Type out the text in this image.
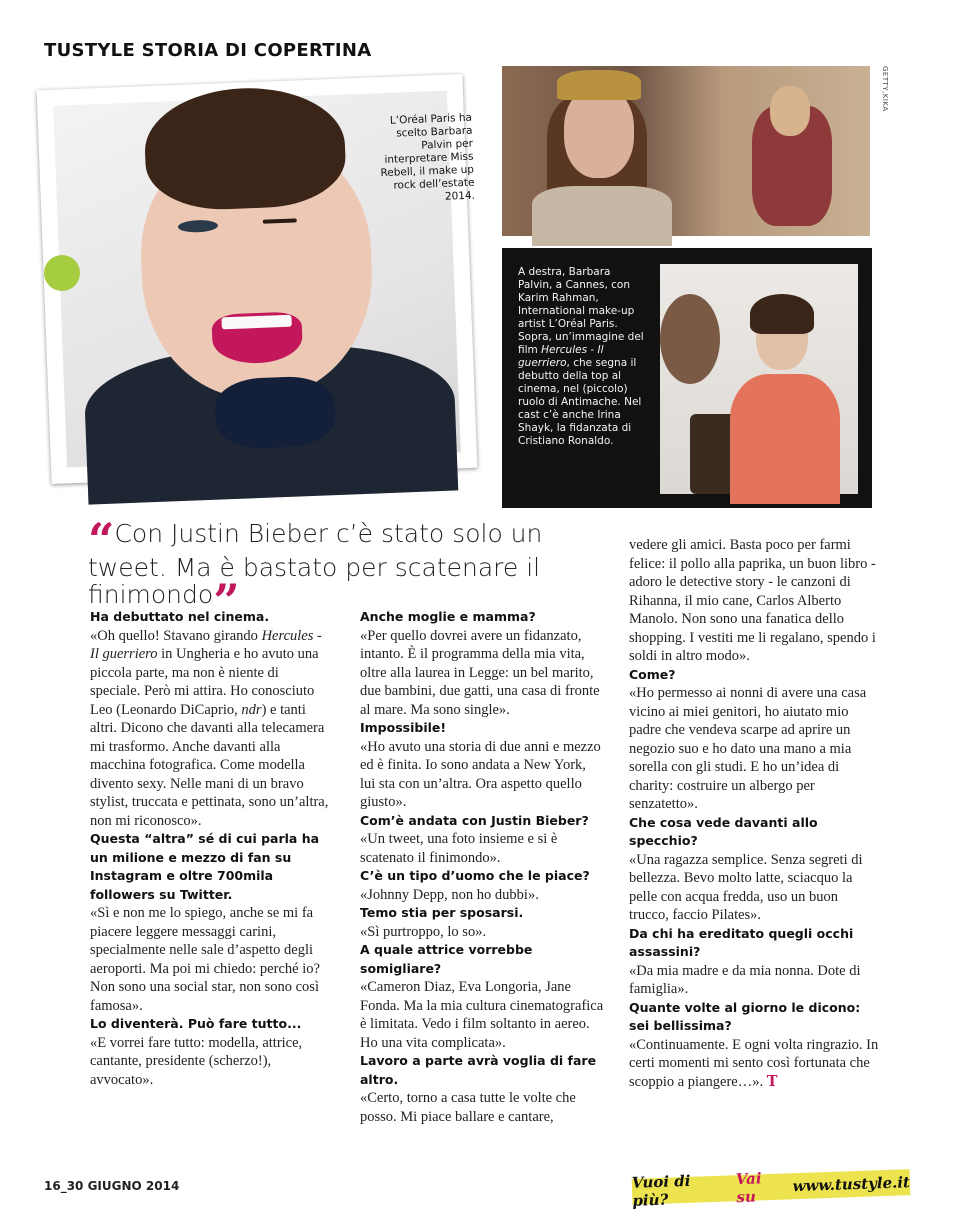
TUSTYLE STORIA DI COPERTINA
L’Oréal Paris ha scelto Barbara Palvin per interpretare Miss Rebell, il make up rock dell’estate 2014.
GETTY,KIKA
A destra, Barbara Palvin, a Cannes, con Karim Rahman, International make-up artist L’Oréal Paris. Sopra, un’immagine del film Hercules - Il guerriero, che segna il debutto della top al cinema, nel (piccolo) ruolo di Antimache. Nel cast c’è anche Irina Shayk, la fidanzata di Cristiano Ronaldo.
“Con Justin Bieber c’è stato solo un tweet. Ma è bastato per scatenare il finimondo”

Ha debuttato nel cinema.

«Oh quello! Stavano girando Hercules - Il guerriero in Ungheria e ho avuto una piccola parte, ma non è niente di speciale. Però mi attira. Ho conosciuto Leo (Leonardo DiCaprio, ndr) e tanti altri. Dicono che davanti alla telecamera mi trasformo. Anche davanti alla macchina fotografica. Come modella divento sexy. Nelle mani di un bravo stylist, truccata e pettinata, sono un’altra, non mi riconosco».

Questa “altra” sé di cui parla ha un milione e mezzo di fan su Instagram e oltre 700mila followers su Twitter.

«Sì e non me lo spiego, anche se mi fa piacere leggere messaggi carini, specialmente nelle sale d’aspetto degli aeroporti. Ma poi mi chiedo: perché io? Non sono una social star, non sono così famosa».

Lo diventerà. Può fare tutto...

«E vorrei fare tutto: modella, attrice, cantante, presidente (scherzo!), avvocato».

Anche moglie e mamma?

«Per quello dovrei avere un fidanzato, intanto. È il programma della mia vita, oltre alla laurea in Legge: un bel marito, due bambini, due gatti, una casa di fronte al mare. Ma sono single».

Impossibile!

«Ho avuto una storia di due anni e mezzo ed è finita. Io sono andata a New York, lui sta con un’altra. Ora aspetto quello giusto».

Com’è andata con Justin Bieber?

«Un tweet, una foto insieme e si è scatenato il finimondo».

C’è un tipo d’uomo che le piace?

«Johnny Depp, non ho dubbi».

Temo stia per sposarsi.

«Sì purtroppo, lo so».

A quale attrice vorrebbe somigliare?

«Cameron Diaz, Eva Longoria, Jane Fonda. Ma la mia cultura cinematografica è limitata. Vedo i film soltanto in aereo. Ho una vita complicata».

Lavoro a parte avrà voglia di fare altro.

«Certo, torno a casa tutte le volte che posso. Mi piace ballare e cantare,

vedere gli amici. Basta poco per farmi felice: il pollo alla paprika, un buon libro - adoro le detective story - le canzoni di Rihanna, il mio cane, Carlos Alberto Manolo. Non sono una fanatica dello shopping. I vestiti me li regalano, spendo i soldi in altro modo».

Come?

«Ho permesso ai nonni di avere una casa vicino ai miei genitori, ho aiutato mio padre che vendeva scarpe ad aprire un negozio suo e ho dato una mano a mia sorella con gli studi. E ho un’idea di charity: costruire un albergo per senzatetto».

Che cosa vede davanti allo specchio?

«Una ragazza semplice. Senza segreti di bellezza. Bevo molto latte, sciacquo la pelle con acqua fredda, uso un buon trucco, faccio Pilates».

Da chi ha ereditato quegli occhi assassini?

«Da mia madre e da mia nonna. Dote di famiglia».

Quante volte al giorno le dicono: sei bellissima?

«Continuamente. E ogni volta ringrazio. In certi momenti mi sento così fortunata che scoppio a piangere…». T

16_30 GIUGNO 2014	Vuoi di più?
Vai su
www.tustyle.it
